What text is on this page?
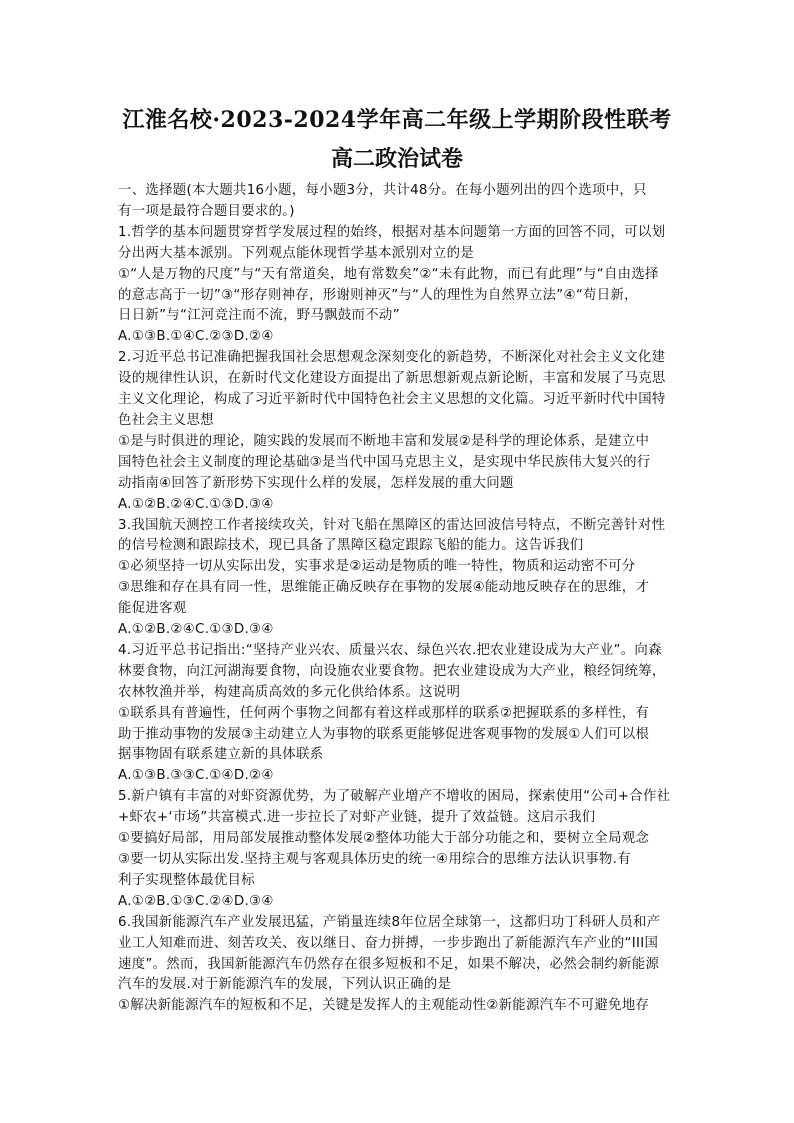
江淮名校·2023-2024学年高二年级上学期阶段性联考
高二政治试卷

一、选择题(本大题共16小题，每小题3分，共计48分。在每小题列出的四个选项中，只

有一项是最符合题目要求的。)

1.哲学的基本问题贯穿哲学发展过程的始终，根据对基本问题第一方面的回答不同，可以划

分出两大基本派别。下列观点能休现哲学基本派别对立的是

①“人是万物的尺度”与“天有常道矣，地有常数矣”②“未有此物，而已有此理”与“自由选择

的意志高于一切”③“形存则神存，形谢则神灭”与“人的理性为自然界立法”④“苟日新，

日日新”与“江河竞注而不流，野马飘鼓而不动”

A.①③B.①④C.②③D.②④

2.习近平总书记准确把握我国社会思想观念深刻变化的新趋势，不断深化对社会主义文化建

设的规律性认识，在新时代文化建设方面提出了新思想新观点新论断，丰富和发展了马克思

主义文化理论，构成了习近平新时代中国特色社会主义思想的文化篇。习近平新时代中国特

色社会主义思想

①是与时俱进的理论，随实践的发展而不断地丰富和发展②是科学的理论体系，是建立中

国特色社会主义制度的理论基础③是当代中国马克思主义，是实现中华民族伟大复兴的行

动指南④回答了新形势下实现什么样的发展，怎样发展的重大问题

A.①②B.②④C.①③D.③④

3.我国航天测控工作者接续攻关，针对飞船在黑障区的雷达回波信号特点，不断完善针对性

的信号检测和跟踪技术，现已具备了黑障区稳定跟踪飞船的能力。这告诉我们

①必须坚持一切从实际出发，实事求是②运动是物质的唯一特性，物质和运动密不可分

③思维和存在具有同一性，思维能正确反映存在事物的发展④能动地反映存在的思维，才

能促进客观

A.①②B.②④C.①③D.③④

4.习近平总书记指出:“坚持产业兴农、质量兴农、绿色兴农.把农业建设成为大产业”。向森

林要食物，向江河湖海要食物，向设施农业要食物。把农业建设成为大产业，粮经饲统筹，

农林牧渔并举，构建高质高效的多元化供给体系。这说明

①联系具有普遍性，任何两个事物之间都有着这样或那样的联系②把握联系的多样性，有

助于推动事物的发展③主动建立人为事物的联系更能够促进客观事物的发展①人们可以根

据事物固有联系建立新的具体联系

A.①③B.③③C.①④D.②④

5.新户镇有丰富的对虾资源优势，为了破解产业增产不增收的困局，探索使用“公司+合作社

+虾农+‘市场”共富模式.进一步拉长了对虾产业链，提升了效益链。这启示我们

①要搞好局部，用局部发展推动整体发展②整体功能大于部分功能之和，要树立全局观念

③要一切从实际出发.坚持主观与客观具体历史的统一④用综合的思维方法认识事物.有

利子实现整体最优目标

A.①②B.①③C.②④D.③④

6.我国新能源汽车产业发展迅猛，产销量连续8年位居全球第一，这都归功丁科研人员和产

业工人知难而进、刻苦攻关、夜以继日、奋力拼搏，一步步跑出了新能源汽车产业的“III国

速度”。然而，我国新能源汽车仍然存在很多短板和不足，如果不解决，必然会制约新能源

汽车的发展.对于新能源汽车的发展，下列认识正确的是

①解决新能源汽车的短板和不足，关键是发挥人的主观能动性②新能源汽车不可避免地存
